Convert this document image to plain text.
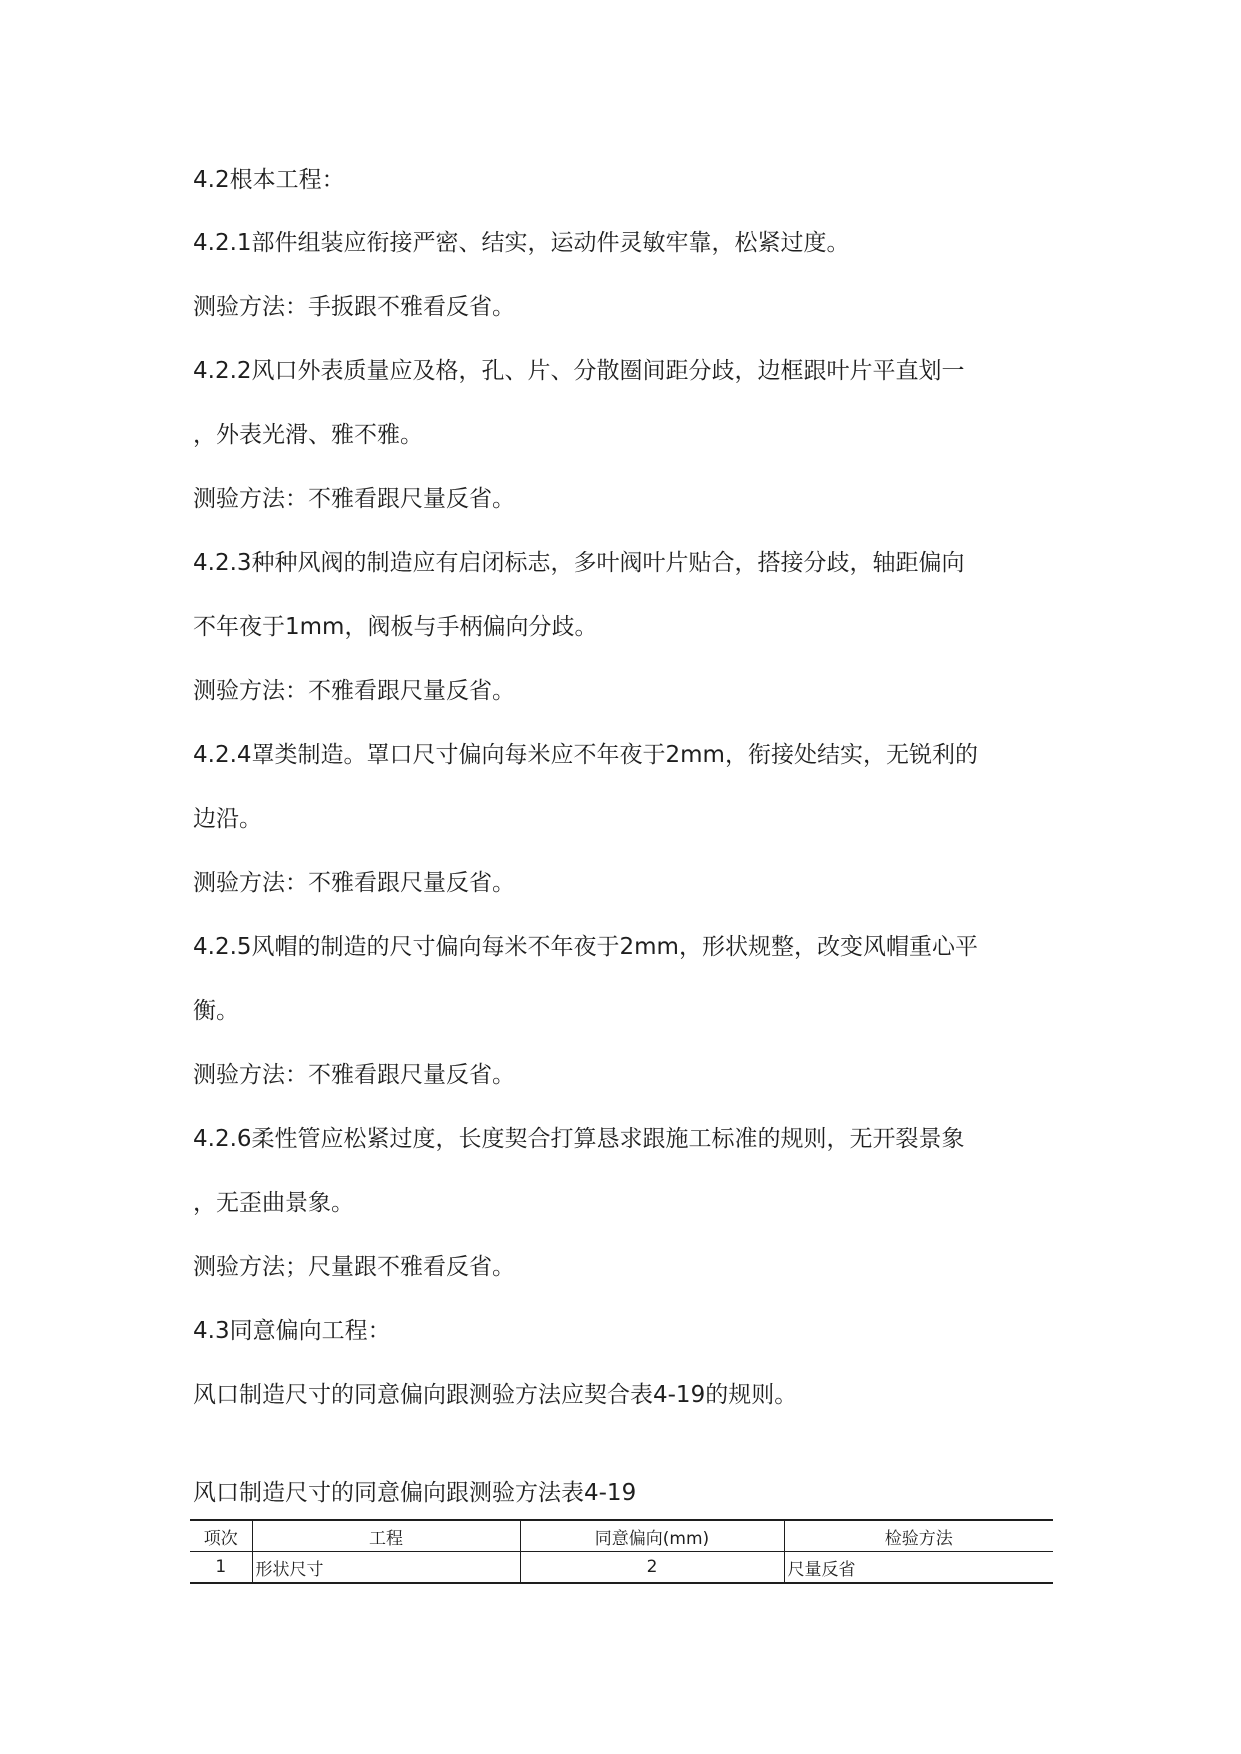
4.2根本工程：

4.2.1部件组装应衔接严密、结实，运动件灵敏牢靠，松紧过度。

测验方法：手扳跟不雅看反省。

4.2.2风口外表质量应及格，孔、片、分散圈间距分歧，边框跟叶片平直划一

，外表光滑、雅不雅。

测验方法：不雅看跟尺量反省。

4.2.3种种风阀的制造应有启闭标志，多叶阀叶片贴合，搭接分歧，轴距偏向

不年夜于1mm，阀板与手柄偏向分歧。

测验方法：不雅看跟尺量反省。

4.2.4罩类制造。罩口尺寸偏向每米应不年夜于2mm，衔接处结实，无锐利的

边沿。

测验方法：不雅看跟尺量反省。

4.2.5风帽的制造的尺寸偏向每米不年夜于2mm，形状规整，改变风帽重心平

衡。

测验方法：不雅看跟尺量反省。

4.2.6柔性管应松紧过度，长度契合打算恳求跟施工标准的规则，无开裂景象

，无歪曲景象。

测验方法；尺量跟不雅看反省。

4.3同意偏向工程：

风口制造尺寸的同意偏向跟测验方法应契合表4-19的规则。

风口制造尺寸的同意偏向跟测验方法表4-19

项次	工程	同意偏向(mm)	检验方法
1	形状尺寸	2	尺量反省
